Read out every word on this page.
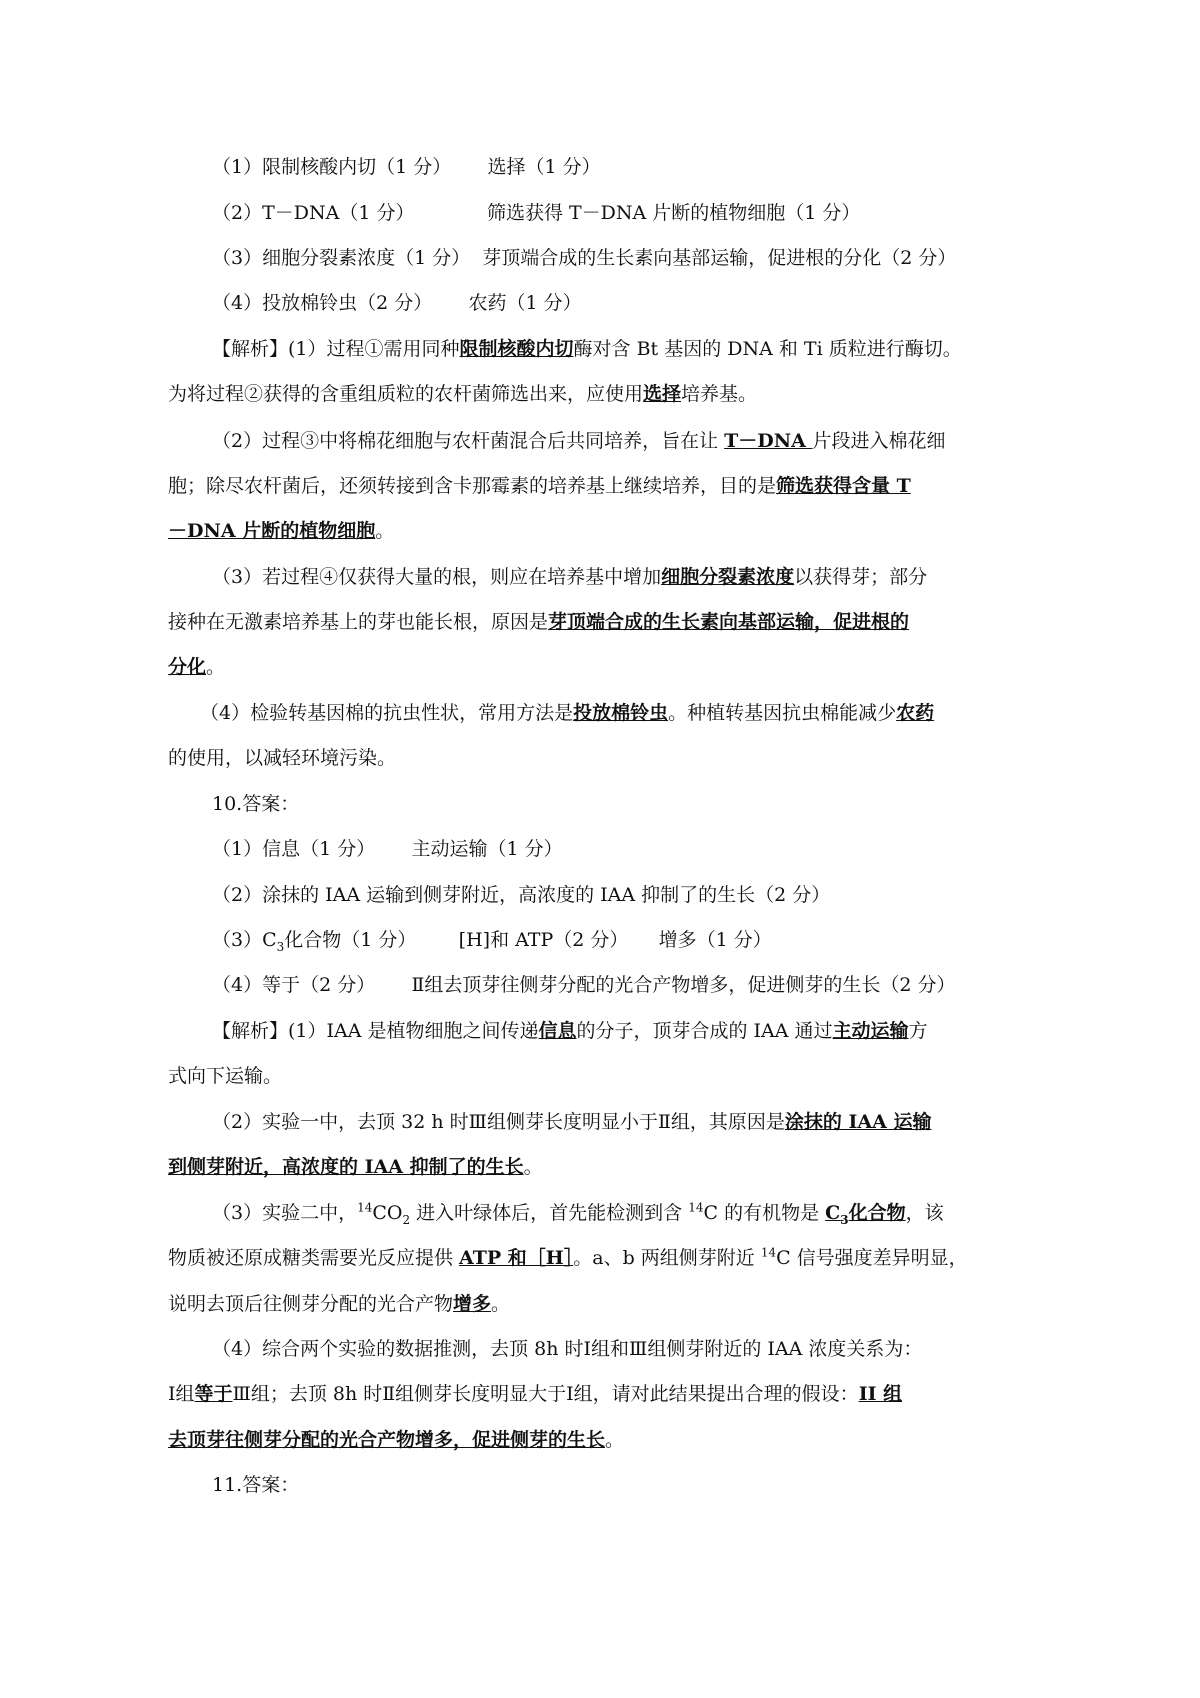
（1）限制核酸内切（1 分）      选择（1 分）

（2）T－DNA（1 分）            筛选获得 T－DNA 片断的植物细胞（1 分）

（3）细胞分裂素浓度（1 分）  芽顶端合成的生长素向基部运输，促进根的分化（2 分）

（4）投放棉铃虫（2 分）      农药（1 分）

【解析】(1）过程①需用同种限制核酸内切酶对含 Bt 基因的 DNA 和 Ti 质粒进行酶切。

为将过程②获得的含重组质粒的农杆菌筛选出来，应使用选择培养基。

（2）过程③中将棉花细胞与农杆菌混合后共同培养，旨在让 T－DNA 片段进入棉花细

胞；除尽农杆菌后，还须转接到含卡那霉素的培养基上继续培养，目的是筛选获得含量 T

－DNA 片断的植物细胞。

（3）若过程④仅获得大量的根，则应在培养基中增加细胞分裂素浓度以获得芽；部分

接种在无激素培养基上的芽也能长根，原因是芽顶端合成的生长素向基部运输，促进根的

分化。

（4）检验转基因棉的抗虫性状，常用方法是投放棉铃虫。种植转基因抗虫棉能减少农药

的使用，以减轻环境污染。

10.答案：

（1）信息（1 分）      主动运输（1 分）

（2）涂抹的 IAA 运输到侧芽附近，高浓度的 IAA 抑制了的生长（2 分）

$(3)C_3$化合物（1 分）       [H]和 ATP（2 分）     增多（1 分）

（4）等于（2 分）      Ⅱ组去顶芽往侧芽分配的光合产物增多，促进侧芽的生长（2 分）

【解析】(1）IAA 是植物细胞之间传递信息的分子，顶芽合成的 IAA 通过主动运输方

式向下运输。

（2）实验一中，去顶 32 h 时Ⅲ组侧芽长度明显小于Ⅱ组，其原因是涂抹的 IAA 运输

到侧芽附近，高浓度的 IAA 抑制了的生长。

（3）实验二中，$^{14}CO_2$ 进入叶绿体后，首先能检测到含 $^{14}$C 的有机物是 $C_3$化合物，该

物质被还原成糖类需要光反应提供 ATP 和［H］。a、b 两组侧芽附近 $^{14}$C 信号强度差异明显，

说明去顶后往侧芽分配的光合产物增多。

（4）综合两个实验的数据推测，去顶 8h 时Ⅰ组和Ⅲ组侧芽附近的 IAA 浓度关系为：

Ⅰ组等于Ⅲ组；去顶 8h 时Ⅱ组侧芽长度明显大于Ⅰ组，请对此结果提出合理的假设：II 组

去顶芽往侧芽分配的光合产物增多，促进侧芽的生长。

11.答案：
